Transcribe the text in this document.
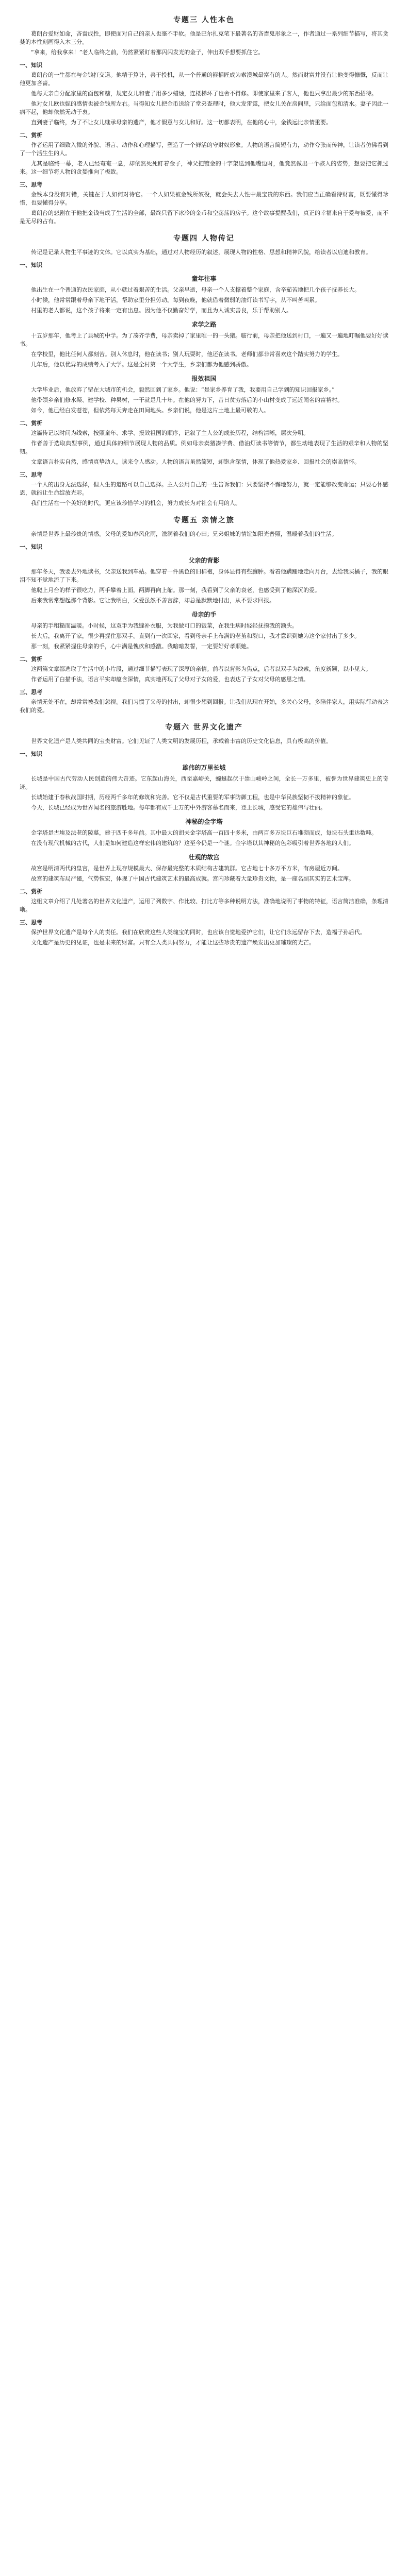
专题三 人性本色

葛朗台爱财如命，吝啬成性，即使面对自己的亲人也毫不手软。他是巴尔扎克笔下最著名的吝啬鬼形象之一，作者通过一系列细节描写，将其贪婪的本性刻画得入木三分。

“拿来，给我拿来！”老人临终之前，仍然紧紧盯着那闪闪发光的金子，伸出双手想要抓住它。

一、知识

葛朗台的一生都在与金钱打交道。他精于算计，善于投机，从一个普通的箍桶匠成为索漠城最富有的人。然而财富并没有让他变得慷慨，反而让他更加吝啬。

他每天亲自分配家里的面包和糖，规定女儿和妻子用多少蜡烛，连楼梯坏了也舍不得修。即使家里来了客人，他也只拿出最少的东西招待。

他对女儿欧也妮的感情也被金钱所左右。当得知女儿把金币送给了堂弟查理时，他大发雷霆，把女儿关在房间里，只给面包和清水。妻子因此一病不起，他却依然无动于衷。

直到妻子临终，为了不让女儿继承母亲的遗产，他才假意与女儿和好。这一切都表明，在他的心中，金钱远比亲情重要。

二、赏析

作者运用了细致入微的外貌、语言、动作和心理描写，塑造了一个鲜活的守财奴形象。人物的语言简短有力，动作夸张而传神，让读者仿佛看到了一个活生生的人。

尤其是临终一幕，老人已经奄奄一息，却依然死死盯着金子，神父把镀金的十字架送到他嘴边时，他竟然做出一个骇人的姿势，想要把它抓过来。这一细节将人物的贪婪推向了极致。

三、思考

金钱本身没有对错，关键在于人如何对待它。一个人如果被金钱所奴役，就会失去人性中最宝贵的东西。我们应当正确看待财富，既要懂得珍惜，也要懂得分享。

葛朗台的悲剧在于他把金钱当成了生活的全部，最终只留下冰冷的金币和空荡荡的房子。这个故事提醒我们，真正的幸福来自于爱与被爱，而不是无尽的占有。

专题四 人物传记

传记是记录人物生平事迹的文体。它以真实为基础，通过对人物经历的叙述，展现人物的性格、思想和精神风貌，给读者以启迪和教育。

一、知识
童年往事

他出生在一个普通的农民家庭，从小就过着艰苦的生活。父亲早逝，母亲一个人支撑着整个家庭，含辛茹苦地把几个孩子抚养长大。

小时候，他常常跟着母亲下地干活，帮助家里分担劳动。每到夜晚，他就借着微弱的油灯读书写字，从不叫苦叫累。

村里的老人都说，这个孩子将来一定有出息。因为他不仅勤奋好学，而且为人诚实善良，乐于帮助别人。

求学之路

十五岁那年，他考上了县城的中学。为了凑齐学费，母亲卖掉了家里唯一的一头猪。临行前，母亲把他送到村口，一遍又一遍地叮嘱他要好好读书。

在学校里，他比任何人都刻苦。别人休息时，他在读书；别人玩耍时，他还在读书。老师们都非常喜欢这个踏实努力的学生。

几年后，他以优异的成绩考入了大学。这是全村第一个大学生，乡亲们都为他感到骄傲。

报效祖国

大学毕业后，他放弃了留在大城市的机会，毅然回到了家乡。他说：“是家乡养育了我，我要用自己学到的知识回报家乡。”

他带领乡亲们修水渠、建学校、种果树，一干就是几十年。在他的努力下，昔日贫穷落后的小山村变成了远近闻名的富裕村。

如今，他已经白发苍苍，但依然每天奔走在田间地头。乡亲们说，他是这片土地上最可敬的人。

二、赏析

这篇传记以时间为线索，按照童年、求学、报效祖国的顺序，记叙了主人公的成长历程，结构清晰，层次分明。

作者善于选取典型事例，通过具体的细节展现人物的品质。例如母亲卖猪凑学费、借油灯读书等情节，都生动地表现了生活的艰辛和人物的坚韧。

文章语言朴实自然，感情真挚动人，读来令人感动。人物的语言虽然简短，却饱含深情，体现了他热爱家乡、回报社会的崇高情怀。

三、思考

一个人的出身无法选择，但人生的道路可以自己选择。主人公用自己的一生告诉我们：只要坚持不懈地努力，就一定能够改变命运；只要心怀感恩，就能让生命绽放光彩。

我们生活在一个美好的时代，更应该珍惜学习的机会，努力成长为对社会有用的人。

专题五 亲情之旅

亲情是世界上最珍贵的情感。父母的爱如春风化雨，滋润着我们的心田；兄弟姐妹的情谊如阳光普照，温暖着我们的生活。

一、知识
父亲的背影

那年冬天，我要去外地读书，父亲送我到车站。他穿着一件黑色的旧棉袍，身体显得有些臃肿。看着他蹒跚地走向月台，去给我买橘子，我的眼泪不知不觉地流了下来。

他爬上月台的样子很吃力，两手攀着上面，两脚再向上缩。那一刻，我看到了父亲的衰老，也感受到了他深沉的爱。

后来我常常想起那个背影。它让我明白，父爱虽然不善言辞，却总是默默地付出，从不要求回报。

母亲的手

母亲的手粗糙而温暖。小时候，这双手为我缝补衣服，为我做可口的饭菜，在我生病时轻轻抚摸我的额头。

长大后，我离开了家，很少再握住那双手。直到有一次回家，看到母亲手上布满的老茧和裂口，我才意识到她为这个家付出了多少。

那一刻，我紧紧握住母亲的手，心中满是愧疚和感激。我暗暗发誓，一定要好好孝顺她。

二、赏析

这两篇文章都选取了生活中的小片段，通过细节描写表现了深厚的亲情。前者以背影为焦点，后者以双手为线索，角度新颖，以小见大。

作者运用了白描手法，语言平实却蕴含深情，真实地再现了父母对子女的爱，也表达了子女对父母的感恩之情。

三、思考

亲情无处不在，却常常被我们忽视。我们习惯了父母的付出，却很少想到回报。让我们从现在开始，多关心父母，多陪伴家人，用实际行动表达我们的爱。

专题六 世界文化遗产

世界文化遗产是人类共同的宝贵财富。它们见证了人类文明的发展历程，承载着丰富的历史文化信息，具有极高的价值。

一、知识
雄伟的万里长城

长城是中国古代劳动人民创造的伟大奇迹。它东起山海关，西至嘉峪关，蜿蜒起伏于崇山峻岭之间，全长一万多里，被誉为世界建筑史上的奇迹。

长城始建于春秋战国时期，历经两千多年的修筑和完善。它不仅是古代重要的军事防御工程，也是中华民族坚韧不拔精神的象征。

今天，长城已经成为世界闻名的旅游胜地。每年都有成千上万的中外游客慕名而来，登上长城，感受它的雄伟与壮丽。

神秘的金字塔

金字塔是古埃及法老的陵墓，建于四千多年前。其中最大的胡夫金字塔高一百四十多米，由两百多万块巨石堆砌而成，每块石头重达数吨。

在没有现代机械的古代，人们是如何建造这样宏伟的建筑的？这至今仍是一个谜。金字塔以其神秘的色彩吸引着世界各地的人们。

壮观的故宫

故宫是明清两代的皇宫，是世界上现存规模最大、保存最完整的木质结构古建筑群。它占地七十多万平方米，有房屋近万间。

故宫的建筑布局严谨，气势恢宏，体现了中国古代建筑艺术的最高成就。宫内珍藏着大量珍贵文物，是一座名副其实的艺术宝库。

二、赏析

这组文章介绍了几处著名的世界文化遗产，运用了列数字、作比较、打比方等多种说明方法，准确地说明了事物的特征，语言简洁准确，条理清晰。

三、思考

保护世界文化遗产是每个人的责任。我们在欣赏这些人类瑰宝的同时，也应该自觉地爱护它们，让它们永远留存下去，造福子孙后代。

文化遗产是历史的见证，也是未来的财富。只有全人类共同努力，才能让这些珍贵的遗产焕发出更加璀璨的光芒。
